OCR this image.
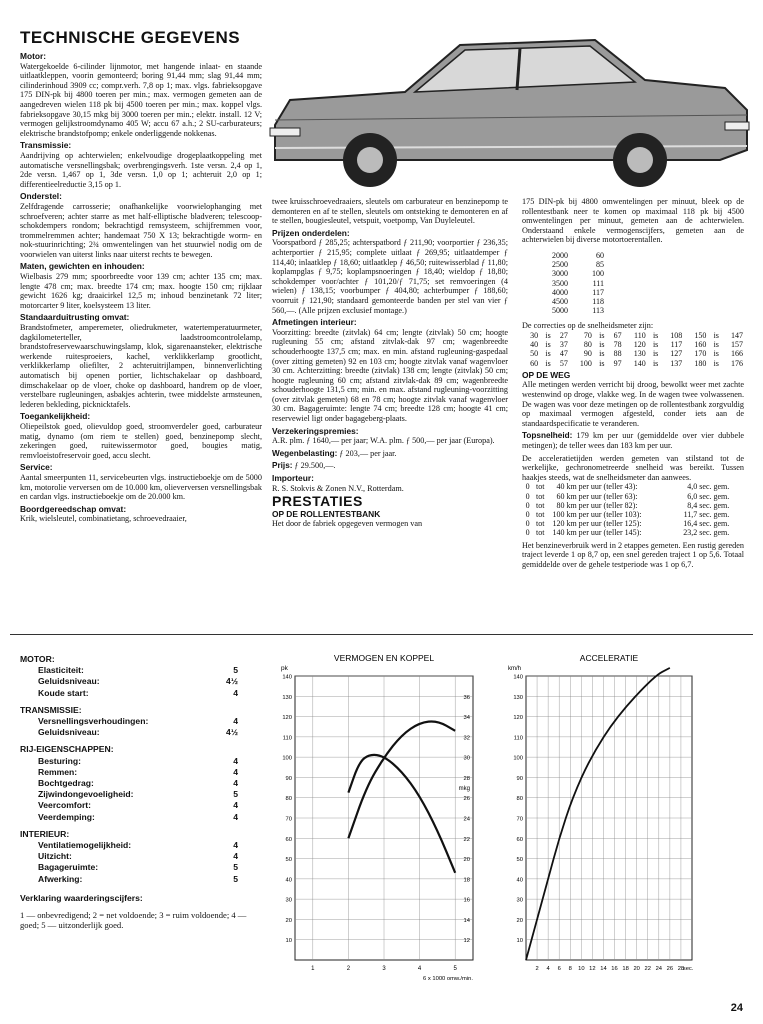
TECHNISCHE GEGEVENS
Motor:

Watergekoelde 6-cilinder lijnmotor, met hangende inlaat- en staande uitlaatkleppen, voorin gemonteerd; boring 91,44 mm; slag 91,44 mm; cilinderinhoud 3909 cc; compr.verh. 7,8 op 1; max. vlgs. fabrieksopgave 175 DIN-pk bij 4800 toeren per min.; max. vermogen gemeten aan de aangedreven wielen 118 pk bij 4500 toeren per min.; max. koppel vlgs. fabrieksopgave 30,15 mkg bij 3000 toeren per min.; elektr. install. 12 V; vermogen gelijkstroomdynamo 405 W; accu 67 a.h.; 2 SU-carburateurs; elektrische brandstofpomp; enkele onderliggende nokkenas.

Transmissie:

Aandrijving op achterwielen; enkelvoudige drogeplaatkoppeling met automatische versnellingsbak; overbrengingsverh. 1ste versn. 2,4 op 1, 2de versn. 1,467 op 1, 3de versn. 1,0 op 1; achteruit 2,0 op 1; differentieelreductie 3,15 op 1.

Onderstel:

Zelfdragende carrosserie; onafhankelijke voorwielophanging met schroefveren; achter starre as met half-elliptische bladveren; telescoop-schokdempers rondom; bekrachtigd remsysteem, schijfremmen voor, trommelremmen achter; handemaat 750 X 13; bekrachtigde worm- en nok-stuurinrichting; 2¾ omwentelingen van het stuurwiel nodig om de voorwielen van uiterst links naar uiterst rechts te bewegen.

Maten, gewichten en inhouden:

Wielbasis 279 mm; spoorbreedte voor 139 cm; achter 135 cm; max. lengte 478 cm; max. breedte 174 cm; max. hoogte 150 cm; rijklaar gewicht 1626 kg; draaicirkel 12,5 m; inhoud benzinetank 72 liter; motorcarter 9 liter, koelsysteem 13 liter.

Standaarduitrusting omvat:

Brandstofmeter, amperemeter, oliedrukmeter, watertemperatuurmeter, dagkilometerteller, laadstroomcontrolelamp, brandstofreservewaarschuwingslamp, klok, sigarenaansteker, elektrische werkende ruitesproeiers, kachel, verklikkerlamp grootlicht, verklikkerlamp oliefilter, 2 achteruitrijlampen, binnenverlichting automatisch bij openen portier, lichtschakelaar op dashboard, dimschakelaar op de vloer, choke op dashboard, handrem op de vloer, verstelbare rugleuningen, asbakjes achterin, twee middelste armsteunen, lederen bekleding, picknicktafels.

Toegankelijkheid:

Oliepeilstok goed, olievuldop goed, stroomverdeler goed, carburateur matig, dynamo (om riem te stellen) goed, benzinepomp slecht, zekeringen goed, ruitewissermotor goed, bougies matig, remvloeistofreservoir goed, accu slecht.

Service:

Aantal smeerpunten 11, servicebeurten vlgs. instructieboekje om de 5000 km, motorolie verversen om de 10.000 km, olieverversen versnellingsbak en cardan vlgs. instructieboekje om de 20.000 km.

Boordgereedschap omvat:

Krik, wielsleutel, combinatietang, schroevedraaier,

twee kruisschroevedraaiers, sleutels om carburateur en benzinepomp te demonteren en af te stellen, sleutels om ontsteking te demonteren en af te stellen, bougiesleutel, vetspuit, voetpomp, Van Duyleleutel.

Prijzen onderdelen:

Voorspatbord ƒ 285,25; achterspatbord ƒ 211,90; voorportier ƒ 236,35; achterportier ƒ 215,95; complete uitlaat ƒ 269,95; uitlaatdemper ƒ 114,40; inlaatklep ƒ 18,60; uitlaatklep ƒ 46,50; ruitewisserblad ƒ 11,80; koplampglas ƒ 9,75; koplampsnoeringen ƒ 18,40; wieldop ƒ 18,80; schokdemper voor/achter ƒ 101,20/ƒ 71,75; set remvoeringen (4 wielen) ƒ 138,15; voorbumper ƒ 404,80; achterbumper ƒ 188,60; voorruit ƒ 121,90; standaard gemonteerde banden per stel van vier ƒ 560,—. (Alle prijzen exclusief montage.)

Afmetingen interieur:

Voorzitting: breedte (zitvlak) 64 cm; lengte (zitvlak) 50 cm; hoogte rugleuning 55 cm; afstand zitvlak-dak 97 cm; wagenbreedte schouderhoogte 137,5 cm; max. en min. afstand rugleuning-gaspedaal (over zitting gemeten) 92 en 103 cm; hoogte zitvlak vanaf wagenvloer 30 cm. Achterzitting: breedte (zitvlak) 138 cm; lengte (zitvlak) 50 cm; hoogte rugleuning 60 cm; afstand zitvlak-dak 89 cm; wagenbreedte schouderhoogte 131,5 cm; min. en max. afstand rugleuning-voorzitting (over zitvlak gemeten) 68 en 78 cm; hoogte zitvlak vanaf wagenvloer 30 cm. Bagageruimte: lengte 74 cm; breedte 128 cm; hoogte 41 cm; reservewiel ligt onder bagageberg-plaats.

Verzekeringspremies:

A.R. plm. ƒ 1640,— per jaar; W.A. plm. ƒ 500,— per jaar (Europa).

Wegenbelasting: ƒ 203,— per jaar.

Prijs: ƒ 29.500,—.

Importeur:

R. S. Stokvis & Zonen N.V., Rotterdam.

PRESTATIES
OP DE ROLLENTESTBANK

Het door de fabriek opgegeven vermogen van

175 DIN-pk bij 4800 omwentelingen per minuut, bleek op de rollentestbank neer te komen op maximaal 118 pk bij 4500 omwentelingen per minuut, gemeten aan de achterwielen. Onderstaand enkele vermogenscijfers, gemeten aan de achterwielen bij diverse motortoerentallen.

2000	60
2500	85
3000	100
3500	111
4000	117
4500	118
5000	113

De correcties op de snelheidsmeter zijn:

30	is	27	70	is	67	110	is	108	150	is	147
40	is	37	80	is	78	120	is	117	160	is	157
50	is	47	90	is	88	130	is	127	170	is	166
60	is	57	100	is	97	140	is	137	180	is	176
OP DE WEG

Alle metingen werden verricht bij droog, bewolkt weer met zachte westenwind op droge, vlakke weg. In de wagen twee volwassenen. De wagen was voor deze metingen op de rollentestbank zorgvuldig op maximaal vermogen afgesteld, conder iets aan de standaardspecificatie te veranderen.

Topsnelheid: 179 km per uur (gemiddelde over vier dubbele metingen); de teller wees dan 183 km per uur.

De acceleratietijden werden gemeten van stilstand tot de werkelijke, gechronometreerde snelheid was bereikt. Tussen haakjes steeds, wat de snelheidsmeter dan aanwees.

0	tot	40	km per uur (teller 43):	4,0	sec. gem.
0	tot	60	km per uur (teller 63):	6,0	sec. gem.
0	tot	80	km per uur (teller 82):	8,4	sec. gem.
0	tot	100	km per uur (teller 103):	11,7	sec. gem.
0	tot	120	km per uur (teller 125):	16,4	sec. gem.
0	tot	140	km per uur (teller 145):	23,2	sec. gem.

Het benzineverbruik werd in 2 etappes gemeten. Een rustig gereden traject leverde 1 op 8,7 op, een snel gereden traject 1 op 5,6. Totaal gemiddelde over de gehele testperiode was 1 op 6,7.

MOTOR:
Elasticiteit:	5
Geluidsniveau:	4½
Koude start:	4
TRANSMISSIE:
Versnellingsverhoudingen:	4
Geluidsniveau:	4½
RIJ-EIGENSCHAPPEN:
Besturing:	4
Remmen:	4
Bochtgedrag:	4
Zijwindongevoeligheid:	5
Veercomfort:	4
Veerdemping:	4
INTERIEUR:
Ventilatiemogelijkheid:	4
Uitzicht:	4
Bagageruimte:	5
Afwerking:	5
Verklaring waarderingscijfers:
1 — onbevredigend; 2 = net voldoende; 3 = ruim voldoende; 4 — goed; 5 — uitzonderlijk goed.
VERMOGEN EN KOPPEL
pk
10
20
30
40
50
60
70
80
90
100
110
120
130
140
12
14
16
18
20
22
24
26
28
30
32
34
36
mkg
1	2	3	4	5
6 x 1000 omw./min.
ACCELERATIE
km/h
10
20
30
40
50
60
70
80
90
100
110
120
130
140
2 4 6 8 10 12 14 16 18 20 22 24 26 28
sec.
24
